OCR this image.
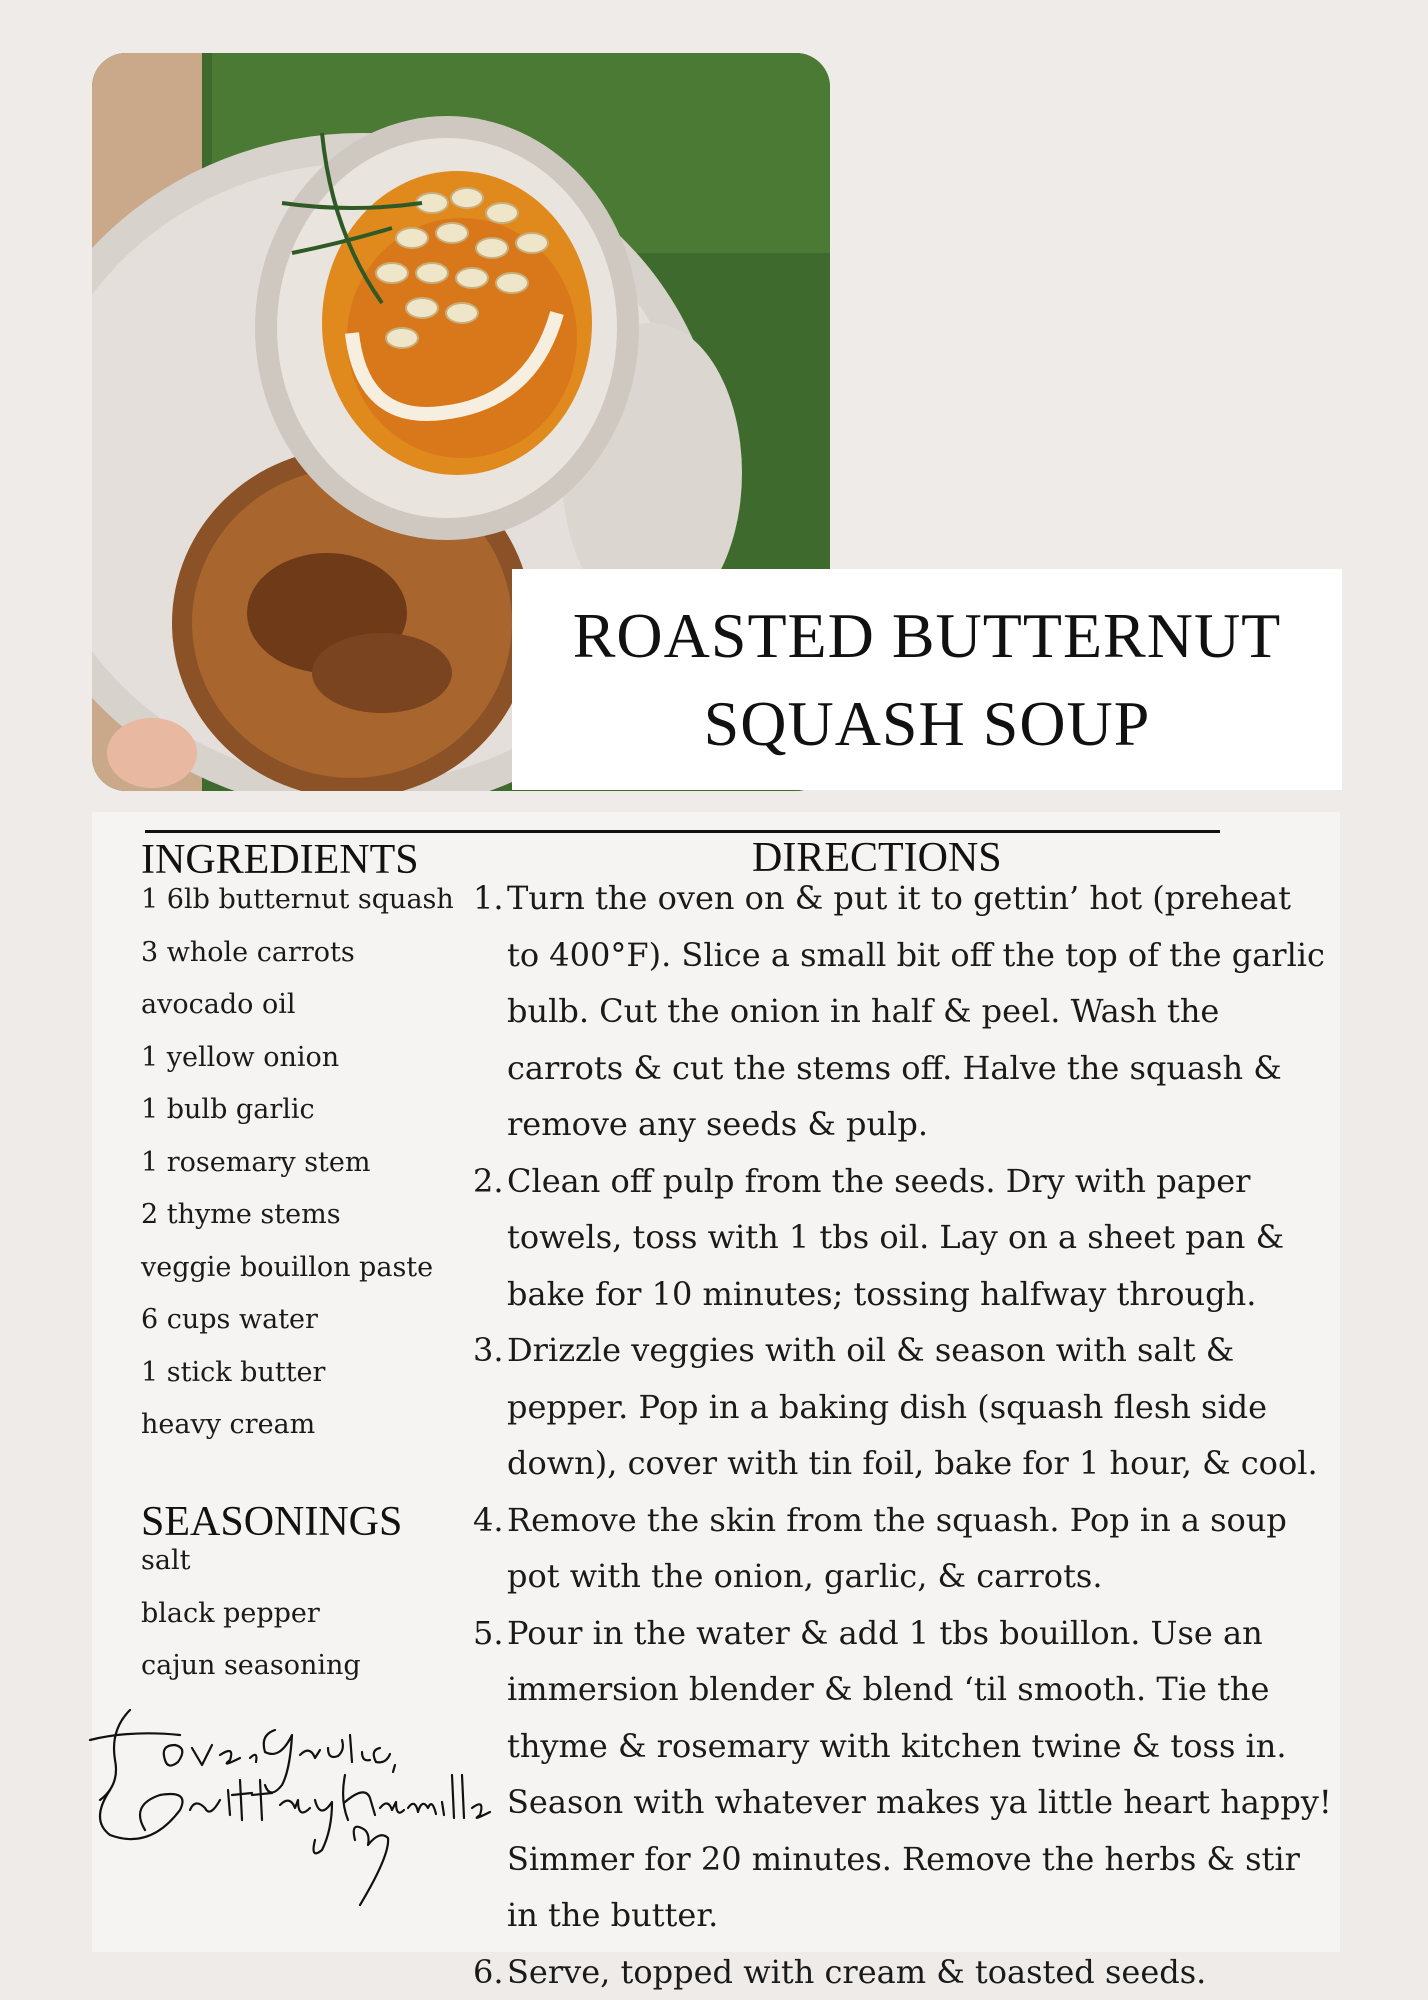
ROASTED BUTTERNUT
SQUASH SOUP
INGREDIENTS
1 6lb butternut squash
3 whole carrots
avocado oil
1 yellow onion
1 bulb garlic
1 rosemary stem
2 thyme stems
veggie bouillon paste
6 cups water
1 stick butter
heavy cream
SEASONINGS
salt
black pepper
cajun seasoning
DIRECTIONS
1. Turn the oven on & put it to gettin’ hot (preheat to 400°F). Slice a small bit off the top of the garlic bulb. Cut the onion in half & peel. Wash the carrots & cut the stems off. Halve the squash & remove any seeds & pulp.
2. Clean off pulp from the seeds. Dry with paper towels, toss with 1 tbs oil. Lay on a sheet pan & bake for 10 minutes; tossing halfway through.
3. Drizzle veggies with oil & season with salt & pepper. Pop in a baking dish (squash flesh side down), cover with tin foil, bake for 1 hour, & cool.
4. Remove the skin from the squash. Pop in a soup pot with the onion, garlic, & carrots.
5. Pour in the water & add 1 tbs bouillon. Use an immersion blender & blend ‘til smooth. Tie the thyme & rosemary with kitchen twine & toss in. Season with whatever makes ya little heart happy! Simmer for 20 minutes. Remove the herbs & stir in the butter.
6. Serve, topped with cream & toasted seeds.
